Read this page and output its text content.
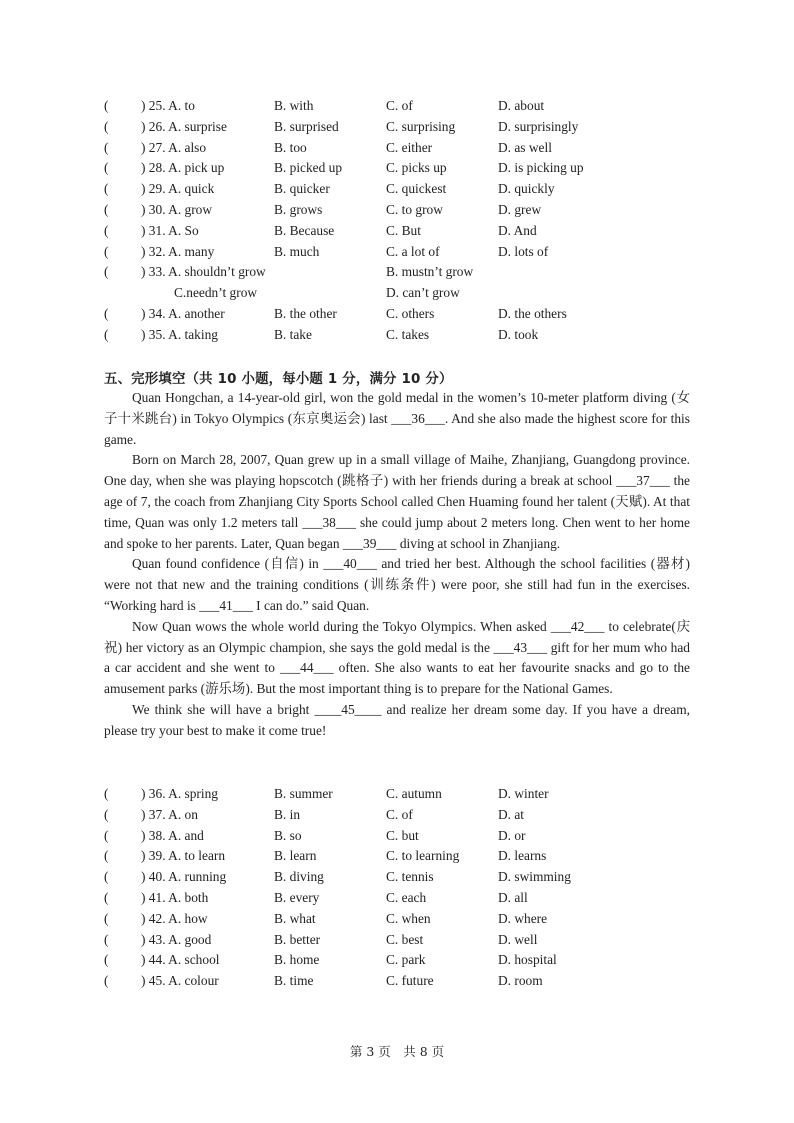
( ) 25. A. to	B. with	C. of	D. about
( ) 26. A. surprise	B. surprised	C. surprising	D. surprisingly
( ) 27. A. also	B. too	C. either	D. as well
( ) 28. A. pick up	B. picked up	C. picks up	D. is picking up
( ) 29. A. quick	B. quicker	C. quickest	D. quickly
( ) 30. A. grow	B. grows	C. to grow	D. grew
( ) 31. A. So	B. Because	C. But	D. And
( ) 32. A. many	B. much	C. a lot of	D. lots of
( ) 33. A. shouldn’t grow	B. mustn’t grow
C.needn’t grow	D. can’t grow
( ) 34. A. another	B. the other	C. others	D. the others
( ) 35. A. taking	B. take	C. takes	D. took
五、完形填空（共 10 小题，每小题 1 分，满分 10 分）

Quan Hongchan, a 14-year-old girl, won the gold medal in the women’s 10-meter platform diving (女子十米跳台) in Tokyo Olympics (东京奥运会) last ___36___. And she also made the highest score for this game.

Born on March 28, 2007, Quan grew up in a small village of Maihe, Zhanjiang, Guangdong province. One day, when she was playing hopscotch (跳格子) with her friends during a break at school ___37___ the age of 7, the coach from Zhanjiang City Sports School called Chen Huaming found her talent (天赋). At that time, Quan was only 1.2 meters tall ___38___ she could jump about 2 meters long. Chen went to her home and spoke to her parents. Later, Quan began ___39___ diving at school in Zhanjiang.

Quan found confidence (自信) in ___40___ and tried her best. Although the school facilities (器材) were not that new and the training conditions (训练条件) were poor, she still had fun in the exercises. “Working hard is ___41___ I can do.” said Quan.

Now Quan wows the whole world during the Tokyo Olympics. When asked ___42___ to celebrate(庆祝) her victory as an Olympic champion, she says the gold medal is the ___43___ gift for her mum who had a car accident and she went to ___44___ often. She also wants to eat her favourite snacks and go to the amusement parks (游乐场). But the most important thing is to prepare for the National Games.

We think she will have a bright ____45____ and realize her dream some day. If you have a dream, please try your best to make it come true!

( ) 36. A. spring	B. summer	C. autumn	D. winter
( ) 37. A. on	B. in	C. of	D. at
( ) 38. A. and	B. so	C. but	D. or
( ) 39. A. to learn	B. learn	C. to learning	D. learns
( ) 40. A. running	B. diving	C. tennis	D. swimming
( ) 41. A. both	B. every	C. each	D. all
( ) 42. A. how	B. what	C. when	D. where
( ) 43. A. good	B. better	C. best	D. well
( ) 44. A. school	B. home	C. park	D. hospital
( ) 45. A. colour	B. time	C. future	D. room
第 3 页　共 8 页
